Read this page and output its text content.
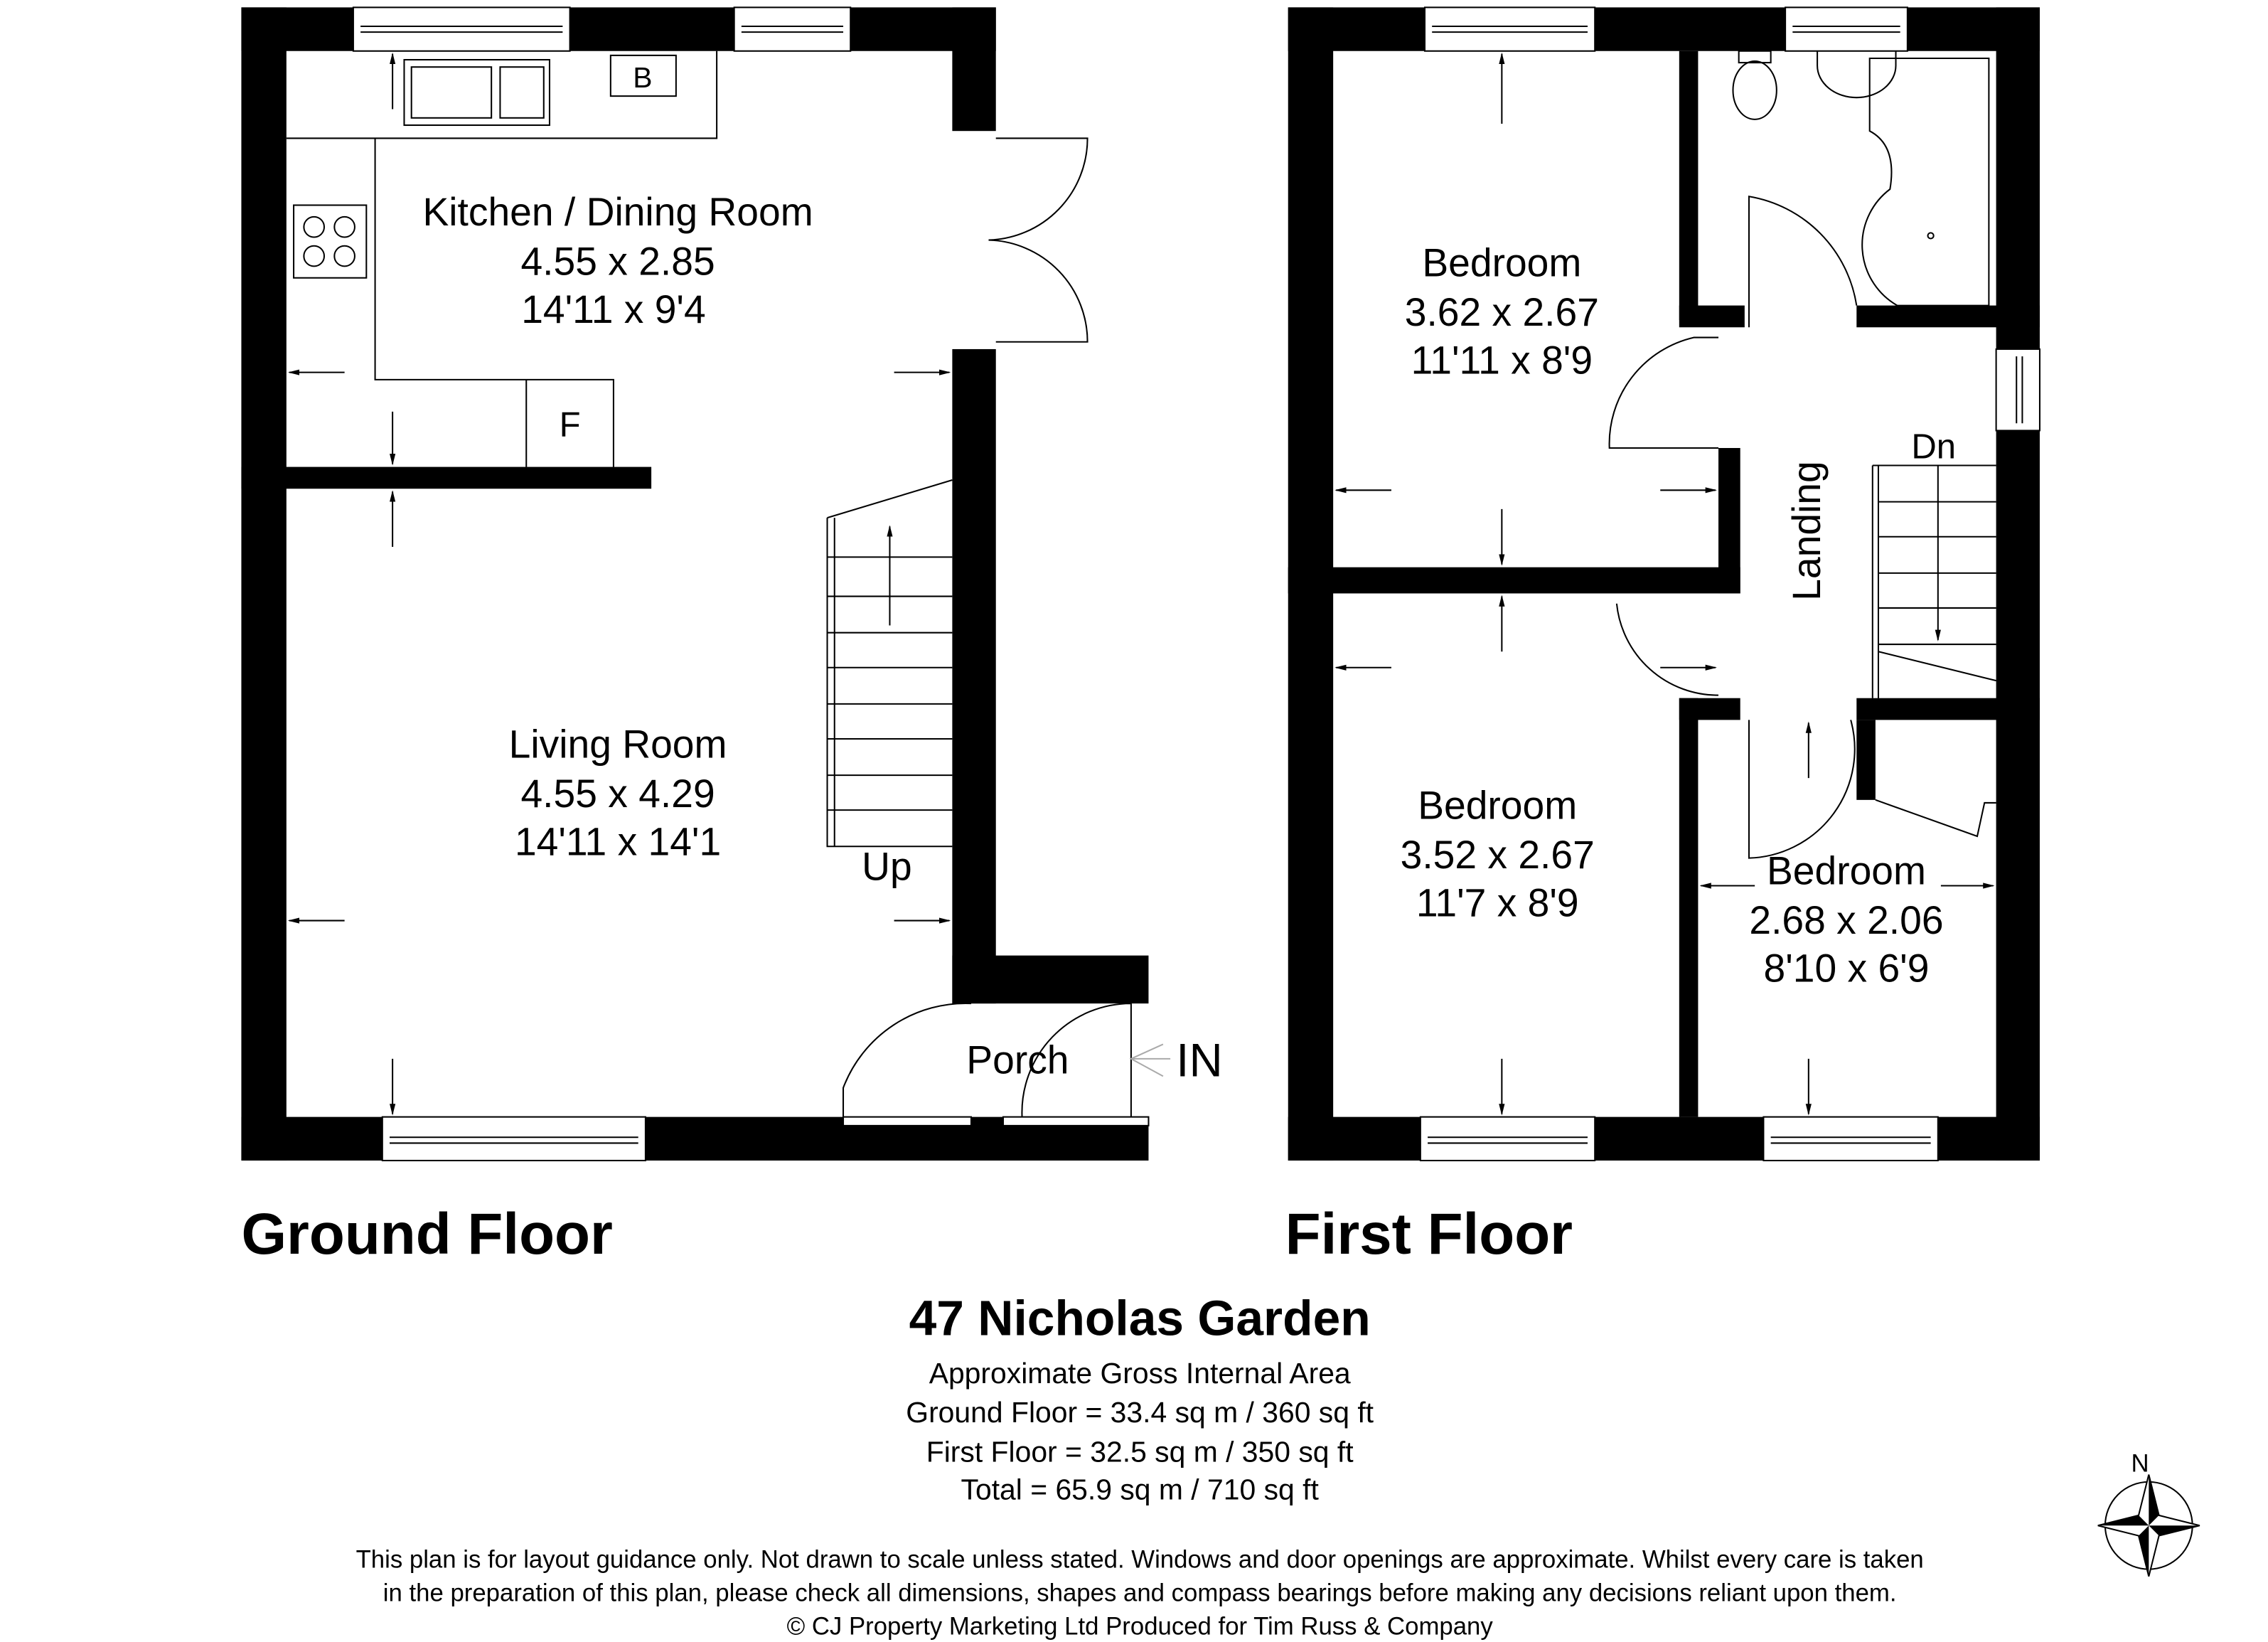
B
F
Up
IN
Kitchen / Dining Room
4.55 x 2.85
14'11 x 9'4
Living Room
4.55 x 4.29
14'11 x 14'1
Porch
Ground Floor
Dn
Bedroom
3.62 x 2.67
11'11 x 8'9
Bedroom
3.52 x 2.67
11'7 x 8'9
Bedroom
2.68 x 2.06
8'10 x 6'9
Landing
First Floor
47 Nicholas Garden
Approximate Gross Internal Area
Ground Floor = 33.4 sq m / 360 sq ft
First Floor = 32.5 sq m / 350 sq ft
Total = 65.9 sq m / 710 sq ft
N
This plan is for layout guidance only. Not drawn to scale unless stated. Windows and door openings are approximate. Whilst every care is taken
in the preparation of this plan, please check all dimensions, shapes and compass bearings before making any decisions reliant upon them.
© CJ Property Marketing Ltd Produced for Tim Russ & Company
